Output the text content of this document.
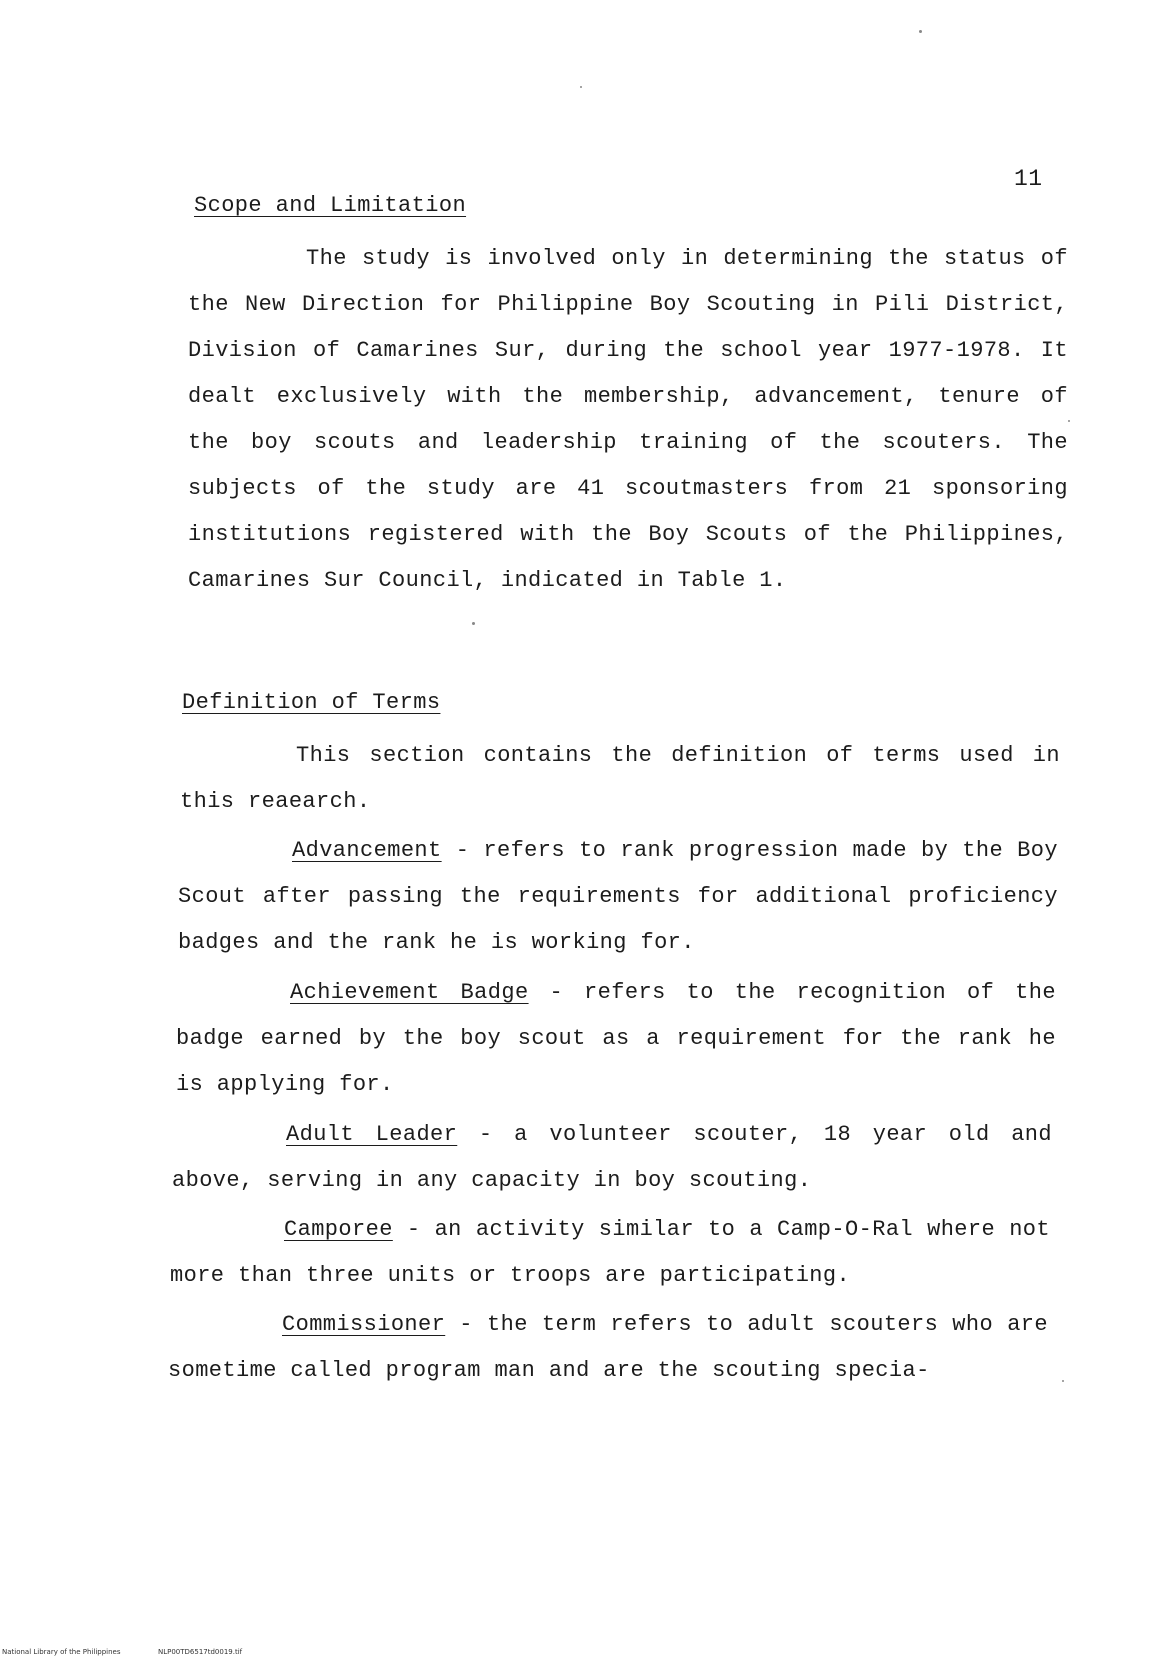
11
Scope and Limitation

The study is involved only in determining the status of the New Direction for Philippine Boy Scouting in Pili District, Division of Camarines Sur, during the school year 1977-1978. It dealt exclusively with the membership, advancement, tenure of the boy scouts and leadership training of the scouters. The subjects of the study are 41 scoutmasters from 21 sponsoring institutions registered with the Boy Scouts of the Philippines, Camarines Sur Council, indicated in Table 1.

Definition of Terms

This section contains the definition of terms used in this reaearch.

Advancement - refers to rank progression made by the Boy Scout after passing the requirements for additional proficiency badges and the rank he is working for.

Achievement Badge - refers to the recognition of the badge earned by the boy scout as a requirement for the rank he is applying for.

Adult Leader - a volunteer scouter, 18 year old and above, serving in any capacity in boy scouting.

Camporee - an activity similar to a Camp-O-Ral where not more than three units or troops are participating.

Commissioner - the term refers to adult scouters who are sometime called program man and are the scouting specia-

National Library of the Philippines	NLP00TD6517td0019.tif
